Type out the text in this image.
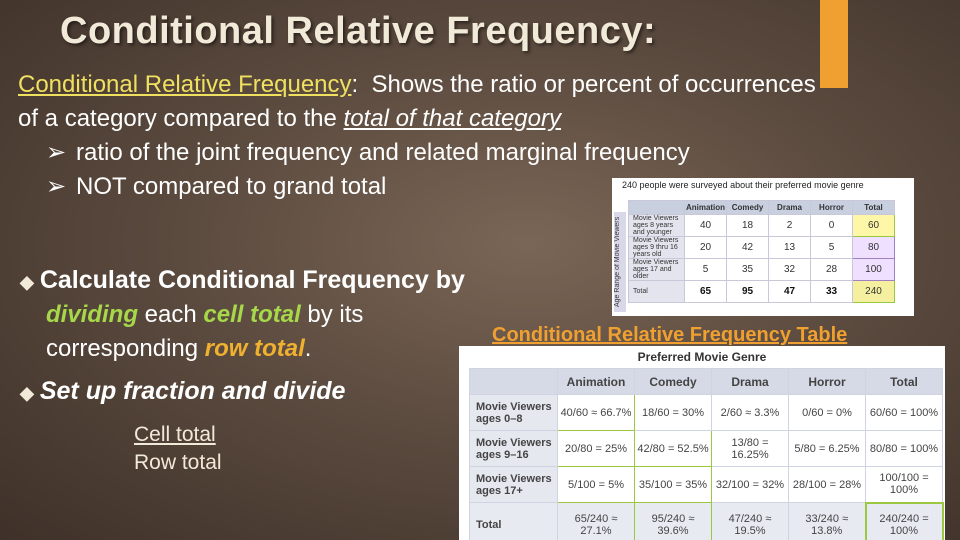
Conditional Relative Frequency:
Conditional Relative Frequency: Shows the ratio or percent of occurrences of a category compared to the total of that category
➢ ratio of the joint frequency and related marginal frequency
➢ NOT compared to grand total
◆ Calculate Conditional Frequency by
dividing each cell total by its corresponding row total.
◆ Set up fraction and divide
Cell total
Row total
Conditional Relative Frequency Table
240 people were surveyed about their preferred movie genre
Age Range of Movie Viewers
	Animation	Comedy	Drama	Horror	Total
Movie Viewers ages 8 years and younger	40	18	2	0	60
Movie Viewers ages 9 thru 16 years old	20	42	13	5	80
Movie Viewers ages 17 and older	5	35	32	28	100
Total	65	95	47	33	240
Preferred Movie Genre
	Animation	Comedy	Drama	Horror	Total
Movie Viewers ages 0–8	40/60 ≈ 66.7%	18/60 = 30%	2/60 ≈ 3.3%	0/60 = 0%	60/60 = 100%
Movie Viewers ages 9–16	20/80 = 25%	42/80 = 52.5%	13/80 = 16.25%	5/80 = 6.25%	80/80 = 100%
Movie Viewers ages 17+	5/100 = 5%	35/100 = 35%	32/100 = 32%	28/100 = 28%	100/100 = 100%
Total	65/240 ≈ 27.1%	95/240 ≈ 39.6%	47/240 ≈ 19.5%	33/240 ≈ 13.8%	240/240 = 100%
